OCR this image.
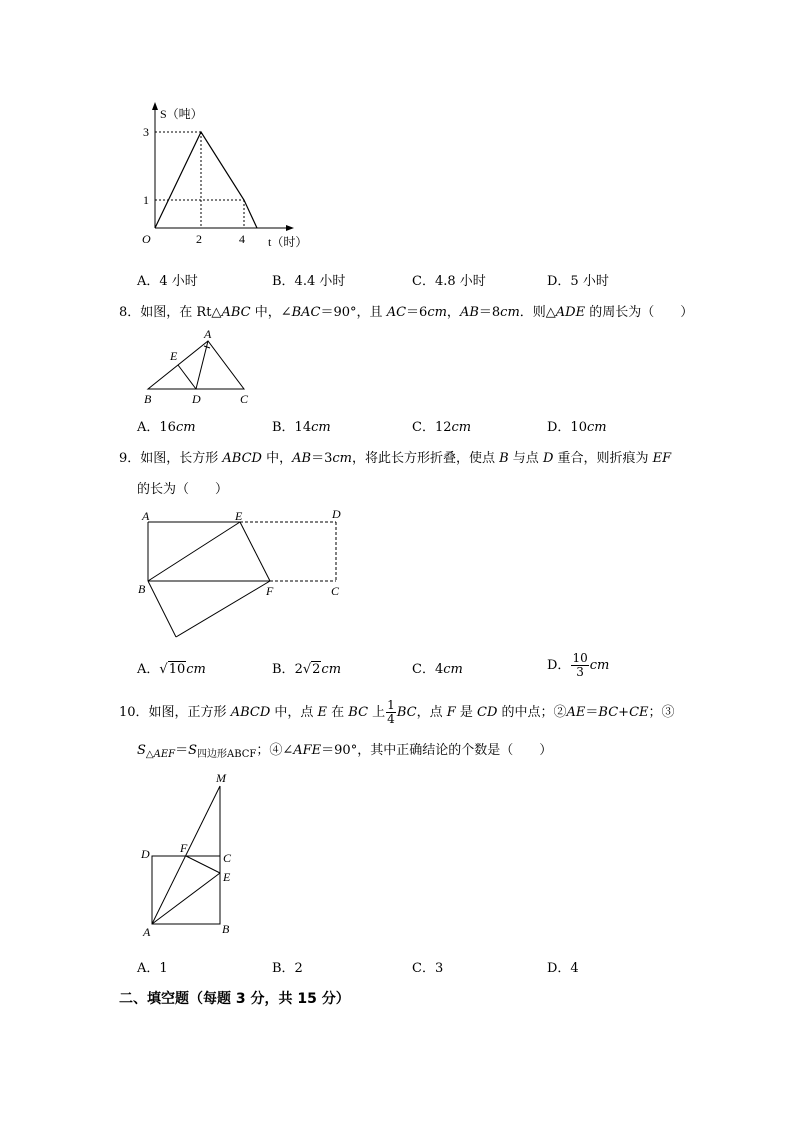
S（吨）
3
1
O	2	4 t（时）
A．4 小时	B．4.4 小时	C．4.8 小时	D．5 小时
8．如图，在 Rt△ABC 中，∠BAC＝90°，且 AC＝6cm，AB＝8cm．则△ADE 的周长为（　　）
A
E
B	D	C
A．16cm	B．14cm	C．12cm	D．10cm
9．如图，长方形 ABCD 中，AB＝3cm，将此长方形折叠，使点 B 与点 D 重合，则折痕为 EF
的长为（　　）
A	E	D
B	F	C
A．√10cm	B．2√2cm	C．4cm	D． $\frac{10}{3}$ cm
10．如图，正方形 ABCD 中，点 E 在 BC 上 $\frac{1}{4}$ BC，点 F 是 CD 的中点；②AE＝BC+CE；③
$S_{\triangle AEF}=S_{四边形ABCF}$；④∠AFE＝90°，其中正确结论的个数是（　　）
M
D	F
C
E
A	B
A．1	B．2	C．3	D．4
二、填空题（每题 3 分，共 15 分）
